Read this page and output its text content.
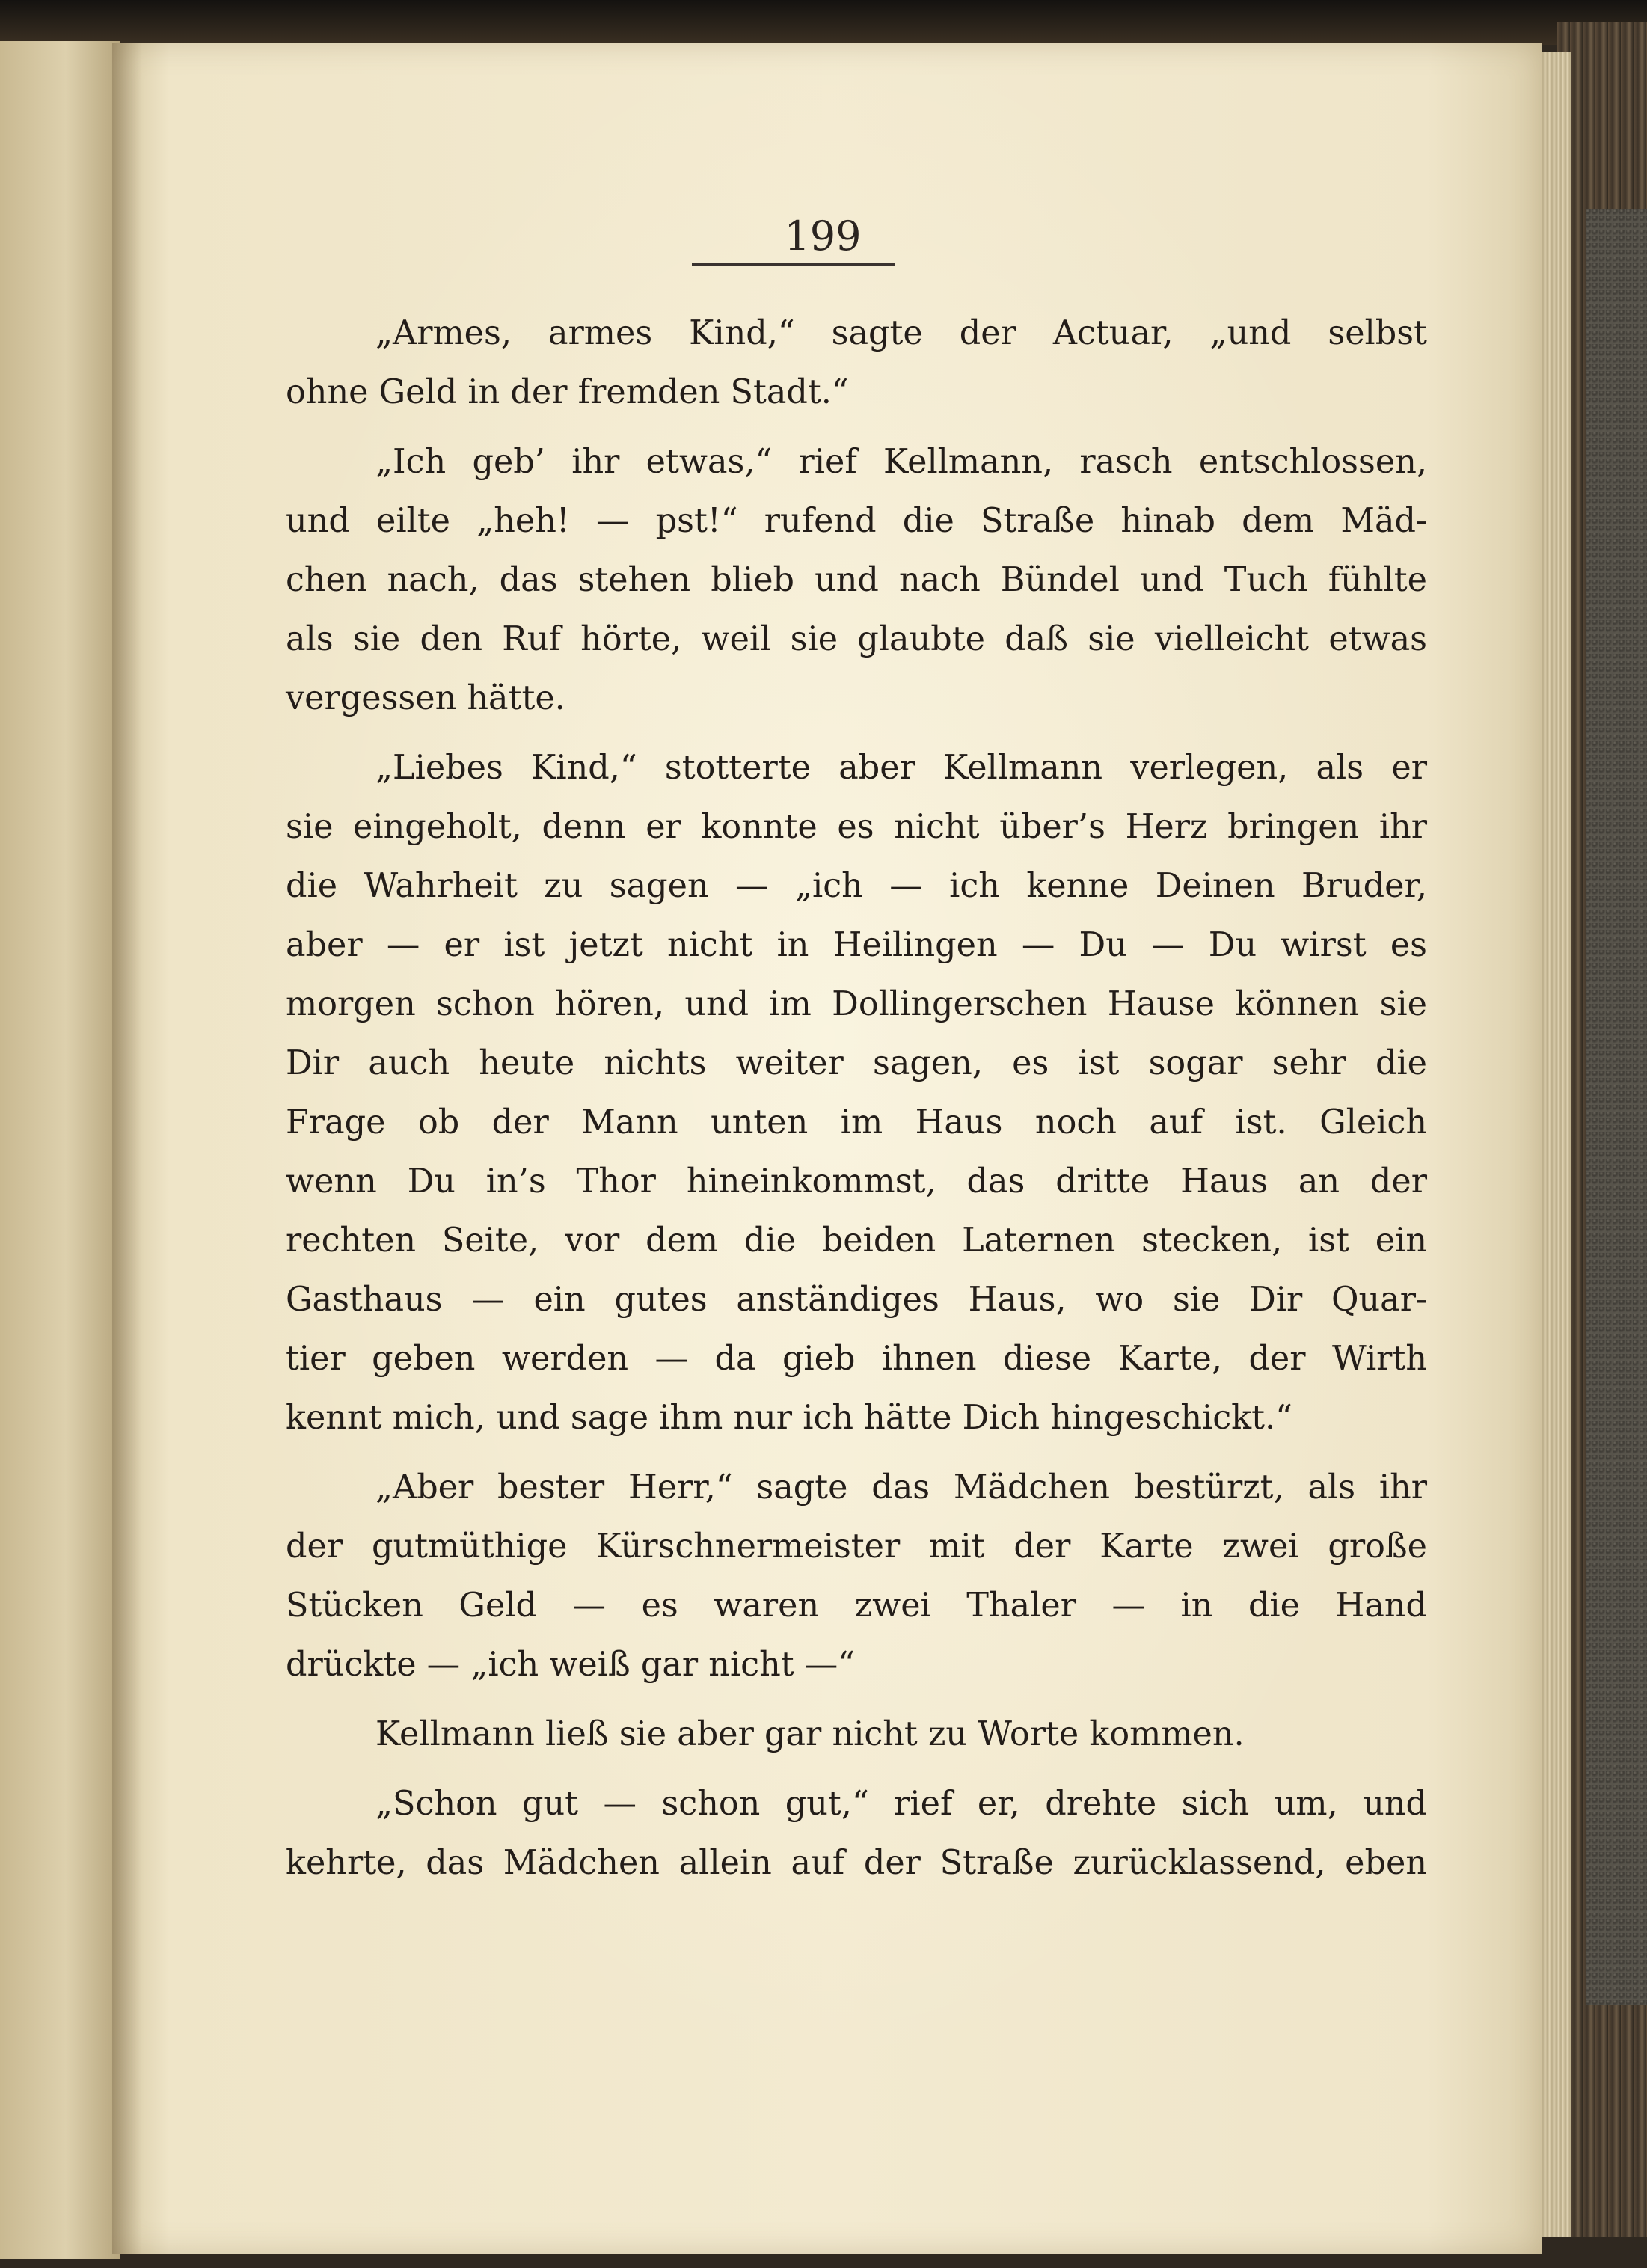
199
„Armes, armes Kind,“ sagte der Actuar, „und selbst
ohne Geld in der fremden Stadt.“
„Ich geb’ ihr etwas,“ rief Kellmann, rasch entschlossen,
und eilte „heh! — pst!“ rufend die Straße hinab dem Mäd-
chen nach, das stehen blieb und nach Bündel und Tuch fühlte
als sie den Ruf hörte, weil sie glaubte daß sie vielleicht etwas
vergessen hätte.
„Liebes Kind,“ stotterte aber Kellmann verlegen, als er
sie eingeholt, denn er konnte es nicht über’s Herz bringen ihr
die Wahrheit zu sagen — „ich — ich kenne Deinen Bruder,
aber — er ist jetzt nicht in Heilingen — Du — Du wirst es
morgen schon hören, und im Dollingerschen Hause können sie
Dir auch heute nichts weiter sagen, es ist sogar sehr die
Frage ob der Mann unten im Haus noch auf ist. Gleich
wenn Du in’s Thor hineinkommst, das dritte Haus an der
rechten Seite, vor dem die beiden Laternen stecken, ist ein
Gasthaus — ein gutes anständiges Haus, wo sie Dir Quar-
tier geben werden — da gieb ihnen diese Karte, der Wirth
kennt mich, und sage ihm nur ich hätte Dich hingeschickt.“
„Aber bester Herr,“ sagte das Mädchen bestürzt, als ihr
der gutmüthige Kürschnermeister mit der Karte zwei große
Stücken Geld — es waren zwei Thaler — in die Hand
drückte — „ich weiß gar nicht —“
Kellmann ließ sie aber gar nicht zu Worte kommen.
„Schon gut — schon gut,“ rief er, drehte sich um, und
kehrte, das Mädchen allein auf der Straße zurücklassend, eben
